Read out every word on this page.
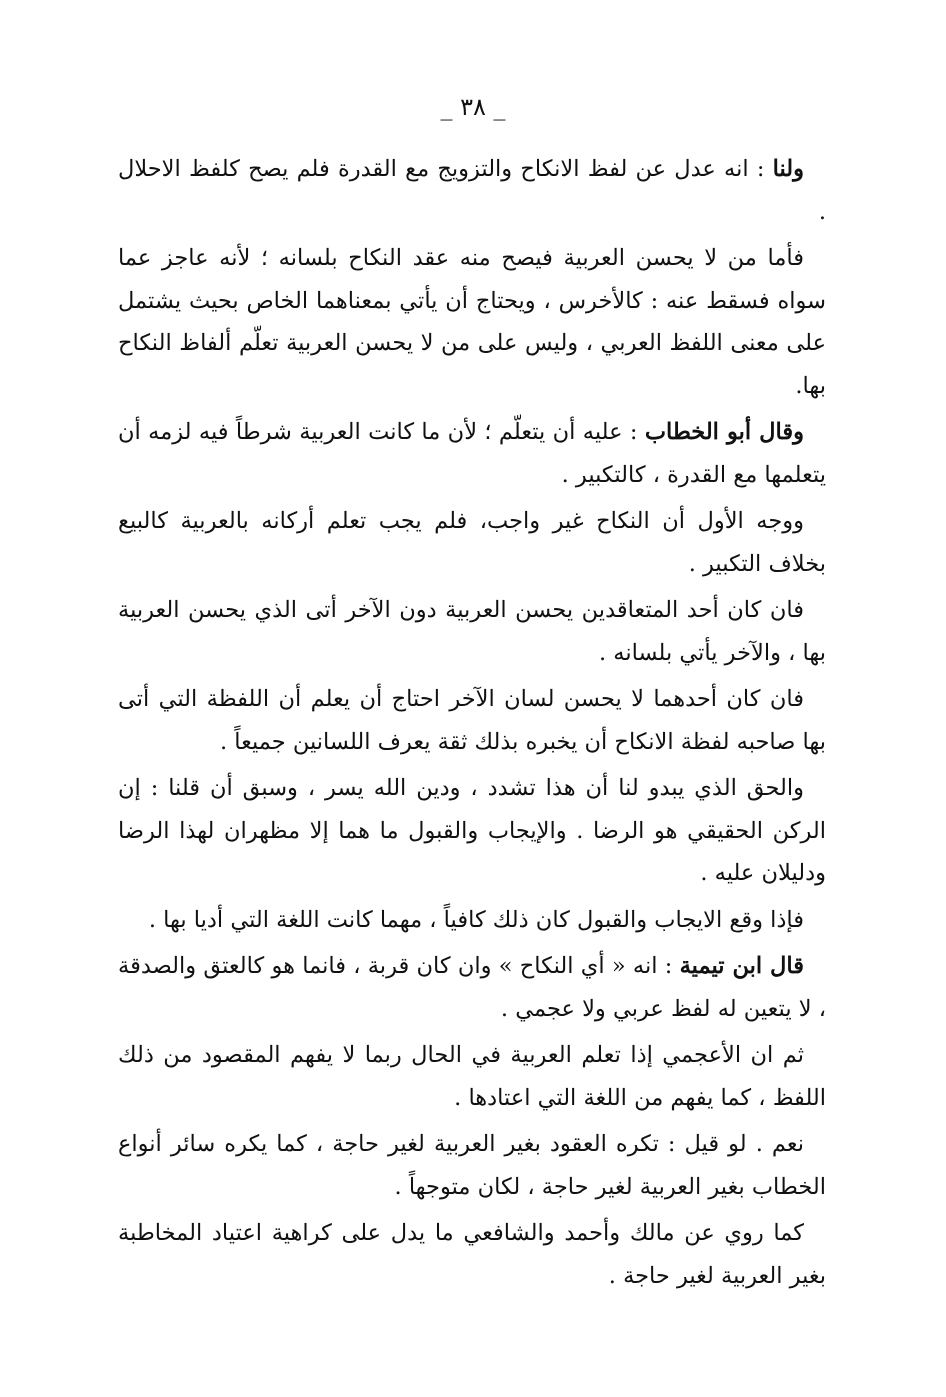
_ ٣٨ _

ولنا : انه عدل عن لفظ الانكاح والتزويج مع القدرة فلم يصح كلفظ الاحلال .

فأما من لا يحسن العربية فيصح منه عقد النكاح بلسانه ؛ لأنه عاجز عما سواه فسقط عنه : كالأخرس ، ويحتاج أن يأتي بمعناهما الخاص بحيث يشتمل على معنى اللفظ العربي ، وليس على من لا يحسن العربية تعلّم ألفاظ النكاح بها.

وقال أبو الخطاب : عليه أن يتعلّم ؛ لأن ما كانت العربية شرطاً فيه لزمه أن يتعلمها مع القدرة ، كالتكبير .

ووجه الأول أن النكاح غير واجب، فلم يجب تعلم أركانه بالعربية كالبيع بخلاف التكبير .

فان كان أحد المتعاقدين يحسن العربية دون الآخر أتى الذي يحسن العربية بها ، والآخر يأتي بلسانه .

فان كان أحدهما لا يحسن لسان الآخر احتاج أن يعلم أن اللفظة التي أتى بها صاحبه لفظة الانكاح أن يخبره بذلك ثقة يعرف اللسانين جميعاً .

والحق الذي يبدو لنا أن هذا تشدد ، ودين الله يسر ، وسبق أن قلنا : إن الركن الحقيقي هو الرضا . والإيجاب والقبول ما هما إلا مظهران لهذا الرضا ودليلان عليه .

فإذا وقع الايجاب والقبول كان ذلك كافياً ، مهما كانت اللغة التي أديا بها .

قال ابن تيمية : انه « أي النكاح » وان كان قربة ، فانما هو كالعتق والصدقة ، لا يتعين له لفظ عربي ولا عجمي .

ثم ان الأعجمي إذا تعلم العربية في الحال ربما لا يفهم المقصود من ذلك اللفظ ، كما يفهم من اللغة التي اعتادها .

نعم . لو قيل : تكره العقود بغير العربية لغير حاجة ، كما يكره سائر أنواع الخطاب بغير العربية لغير حاجة ، لكان متوجهاً .

كما روي عن مالك وأحمد والشافعي ما يدل على كراهية اعتياد المخاطبة بغير العربية لغير حاجة .
